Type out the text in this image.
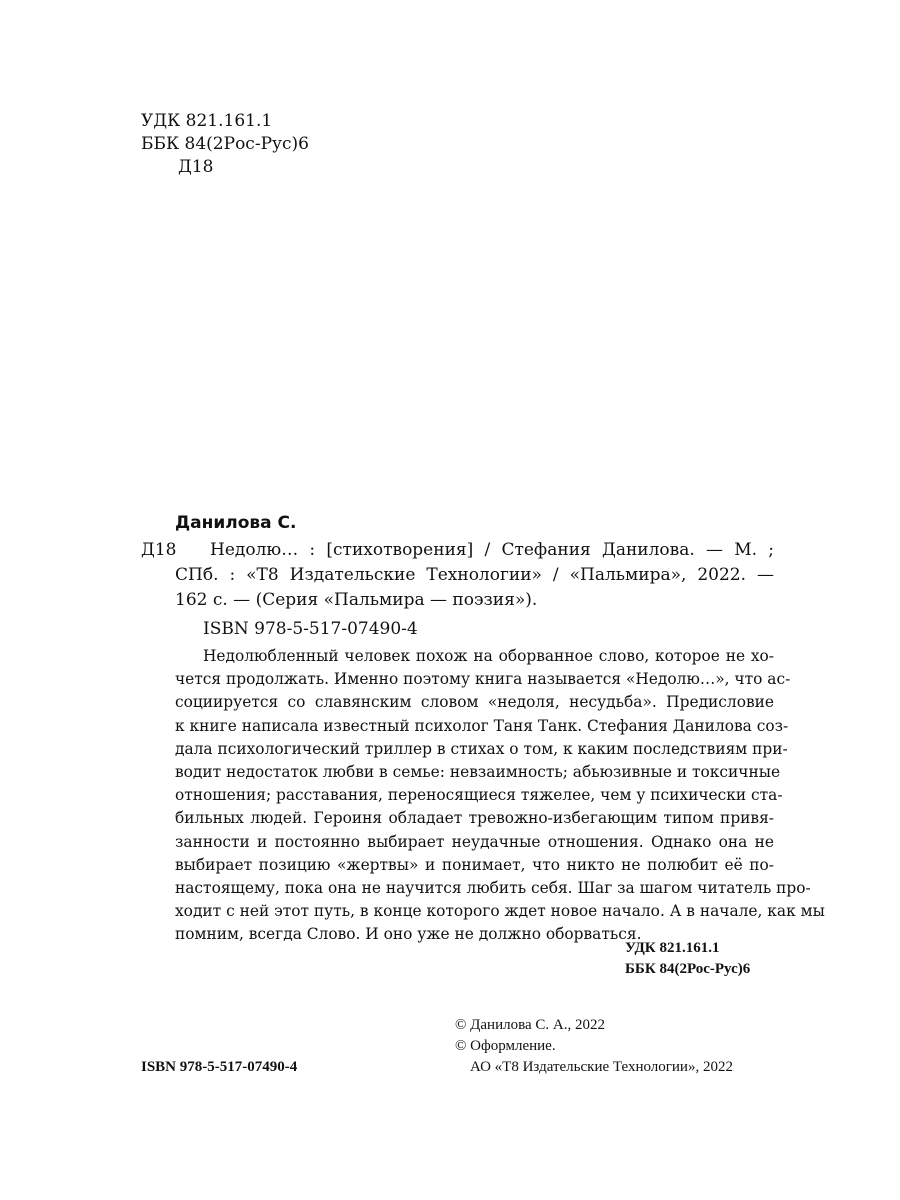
УДК 821.161.1
ББК 84(2Рос-Рус)6
Д18
Данилова С.
Д18 Недолю… : [стихотворения] / Стефания Данилова. — М. ;
СПб. : «Т8 Издательские Технологии» / «Пальмира», 2022. —
162 с. — (Серия «Пальмира — поэзия»).
ISBN 978-5-517-07490-4
Недолюбленный человек похож на оборванное слово, которое не хо-
чется продолжать. Именно поэтому книга называется «Недолю…», что ас-
социируется со славянским словом «недоля, несудьба». Предисловие
к книге написала известный психолог Таня Танк. Стефания Данилова соз-
дала психологический триллер в стихах о том, к каким последствиям при-
водит недостаток любви в семье: невзаимность; абьюзивные и токсичные
отношения; расставания, переносящиеся тяжелее, чем у психически ста-
бильных людей. Героиня обладает тревожно-избегающим типом привя-
занности и постоянно выбирает неудачные отношения. Однако она не
выбирает позицию «жертвы» и понимает, что никто не полюбит её по-
настоящему, пока она не научится любить себя. Шаг за шагом читатель про-
ходит с ней этот путь, в конце которого ждет новое начало. А в начале, как мы
помним, всегда Слово. И оно уже не должно оборваться.
УДК 821.161.1
ББК 84(2Рос-Рус)6
ISBN 978-5-517-07490-4
© Данилова С. А., 2022
© Оформление.
АО «Т8 Издательские Технологии», 2022
